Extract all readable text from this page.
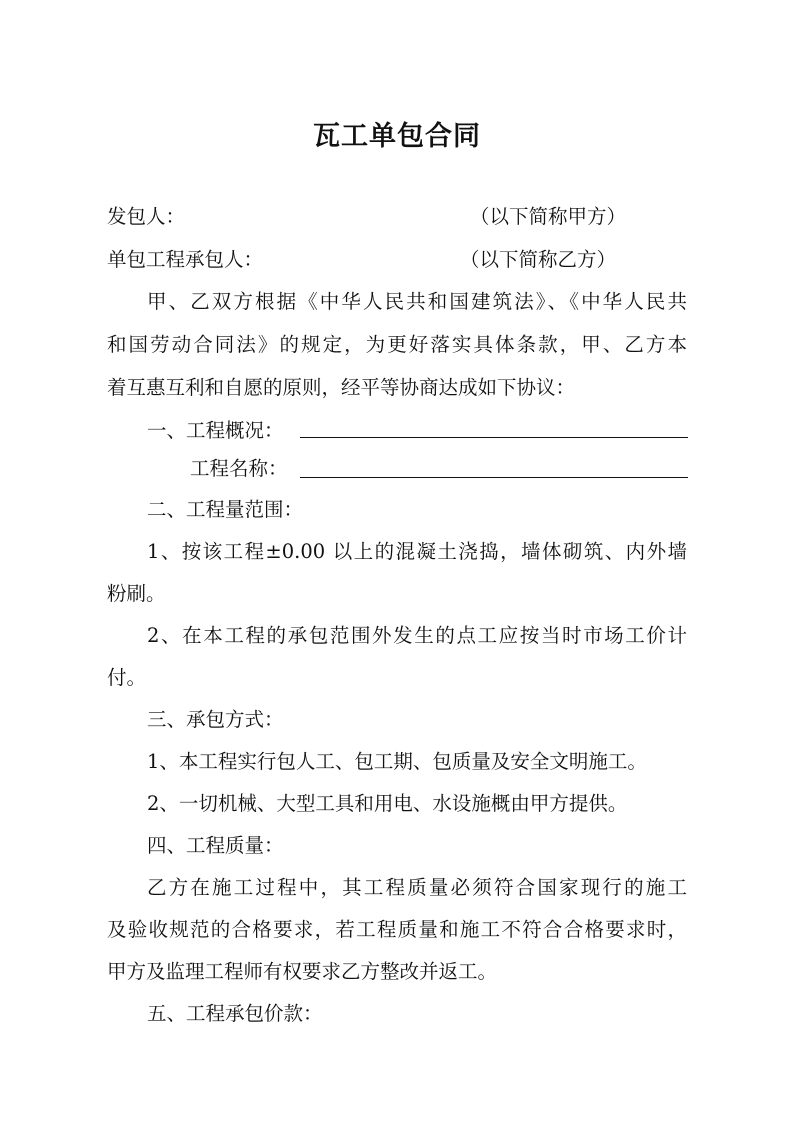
瓦工单包合同
发包人：	（以下简称甲方）
单包工程承包人：	（以下简称乙方）
甲、乙双方根据《中华人民共和国建筑法》、《中华人民共
和国劳动合同法》的规定，为更好落实具体条款，甲、乙方本
着互惠互利和自愿的原则，经平等协商达成如下协议：
一、工程概况：
工程名称：
二、工程量范围：
1、按该工程±0.00 以上的混凝土浇捣，墙体砌筑、内外墙
粉刷。
2、在本工程的承包范围外发生的点工应按当时市场工价计
付。
三、承包方式：
1、本工程实行包人工、包工期、包质量及安全文明施工。
2、一切机械、大型工具和用电、水设施概由甲方提供。
四、工程质量：
乙方在施工过程中，其工程质量必须符合国家现行的施工
及验收规范的合格要求，若工程质量和施工不符合合格要求时，
甲方及监理工程师有权要求乙方整改并返工。
五、工程承包价款：
